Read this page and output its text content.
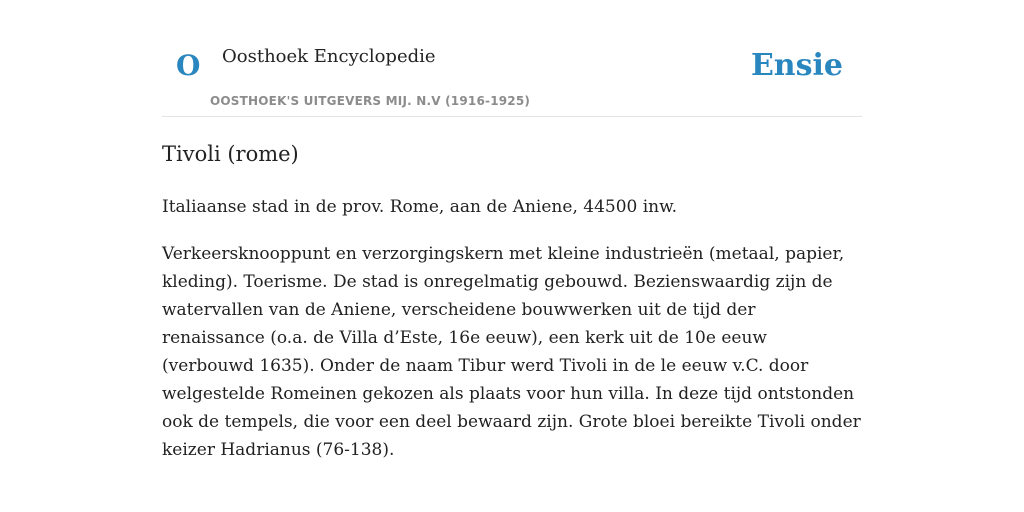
O Oosthoek Encyclopedie
OOSTHOEK'S UITGEVERS MIJ. N.V (1916-1925)
Ensie
Tivoli (rome)

Italiaanse stad in de prov. Rome, aan de Aniene, 44500 inw.

Verkeersknooppunt en verzorgingskern met kleine industrieën (metaal, papier, kleding). Toerisme. De stad is onregelmatig gebouwd. Bezienswaardig zijn de watervallen van de Aniene, verscheidene bouwwerken uit de tijd der renaissance (o.a. de Villa d’Este, 16e eeuw), een kerk uit de 10e eeuw (verbouwd 1635). Onder de naam Tibur werd Tivoli in de le eeuw v.C. door welgestelde Romeinen gekozen als plaats voor hun villa. In deze tijd ontstonden ook de tempels, die voor een deel bewaard zijn. Grote bloei bereikte Tivoli onder keizer Hadrianus (76-138).
